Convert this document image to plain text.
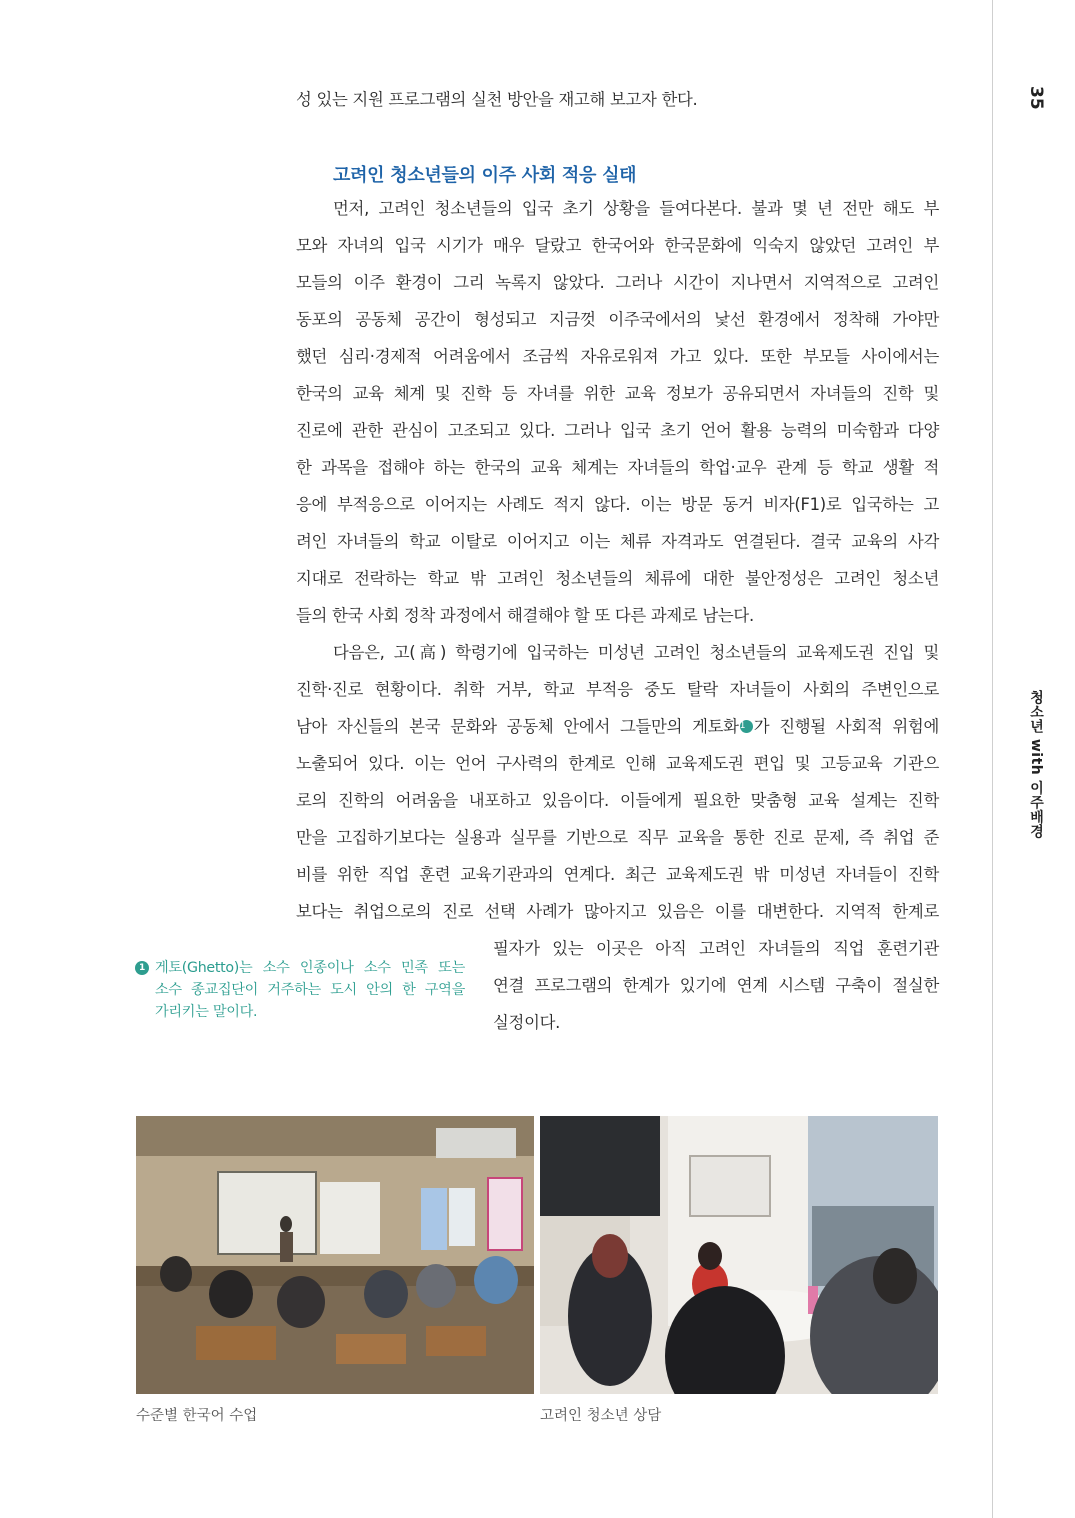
35
청소년 with 이주배경
성 있는 지원 프로그램의 실천 방안을 재고해 보고자 한다.
고려인 청소년들의 이주 사회 적응 실태
먼저, 고려인 청소년들의 입국 초기 상황을 들여다본다. 불과 몇 년 전만 해도 부
모와 자녀의 입국 시기가 매우 달랐고 한국어와 한국문화에 익숙지 않았던 고려인 부
모들의 이주 환경이 그리 녹록지 않았다. 그러나 시간이 지나면서 지역적으로 고려인
동포의 공동체 공간이 형성되고 지금껏 이주국에서의 낯선 환경에서 정착해 가야만
했던 심리·경제적 어려움에서 조금씩 자유로워져 가고 있다. 또한 부모들 사이에서는
한국의 교육 체계 및 진학 등 자녀를 위한 교육 정보가 공유되면서 자녀들의 진학 및
진로에 관한 관심이 고조되고 있다. 그러나 입국 초기 언어 활용 능력의 미숙함과 다양
한 과목을 접해야 하는 한국의 교육 체계는 자녀들의 학업·교우 관계 등 학교 생활 적
응에 부적응으로 이어지는 사례도 적지 않다. 이는 방문 동거 비자(F1)로 입국하는 고
려인 자녀들의 학교 이탈로 이어지고 이는 체류 자격과도 연결된다. 결국 교육의 사각
지대로 전락하는 학교 밖 고려인 청소년들의 체류에 대한 불안정성은 고려인 청소년
들의 한국 사회 정착 과정에서 해결해야 할 또 다른 과제로 남는다.
다음은, 고(高) 학령기에 입국하는 미성년 고려인 청소년들의 교육제도권 진입 및
진학·진로 현황이다. 취학 거부, 학교 부적응 중도 탈락 자녀들이 사회의 주변인으로
남아 자신들의 본국 문화와 공동체 안에서 그들만의 게토화1 가 진행될 사회적 위험에
노출되어 있다. 이는 언어 구사력의 한계로 인해 교육제도권 편입 및 고등교육 기관으
로의 진학의 어려움을 내포하고 있음이다. 이들에게 필요한 맞춤형 교육 설계는 진학
만을 고집하기보다는 실용과 실무를 기반으로 직무 교육을 통한 진로 문제, 즉 취업 준
비를 위한 직업 훈련 교육기관과의 연계다. 최근 교육제도권 밖 미성년 자녀들이 진학
보다는 취업으로의 진로 선택 사례가 많아지고 있음은 이를 대변한다. 지역적 한계로
필자가 있는 이곳은 아직 고려인 자녀들의 직업 훈련기관
연결 프로그램의 한계가 있기에 연계 시스템 구축이 절실한
실정이다.
1 게토(Ghetto)는 소수 인종이나 소수 민족 또는
소수 종교집단이 거주하는 도시 안의 한 구역을
가리키는 말이다.
수준별 한국어 수업	고려인 청소년 상담
